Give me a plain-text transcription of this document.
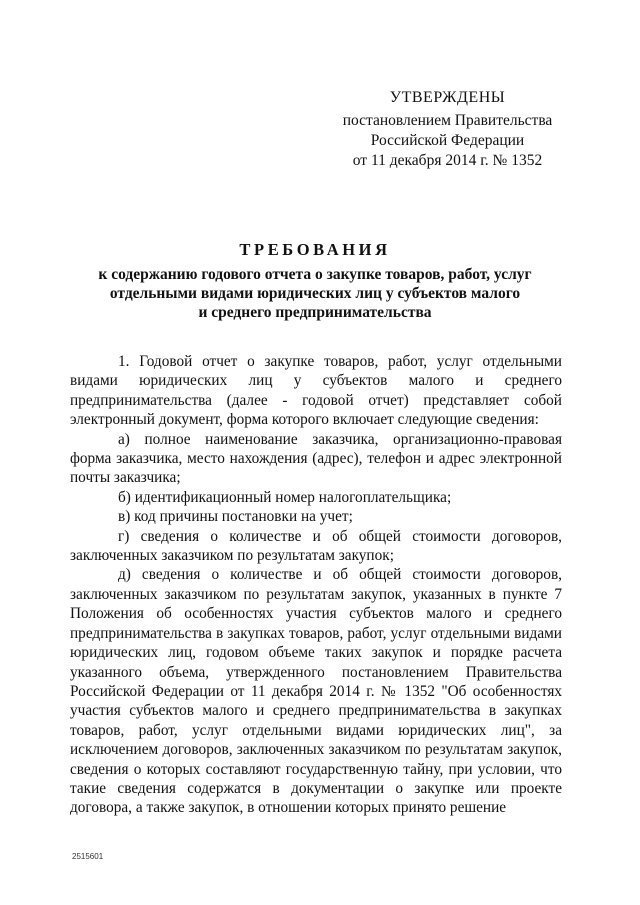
УТВЕРЖДЕНЫ
постановлением Правительства
Российской Федерации
от 11 декабря 2014 г. № 1352
ТРЕБОВАНИЯ
к содержанию годового отчета о закупке товаров, работ, услуг
отдельными видами юридических лиц у субъектов малого
и среднего предпринимательства

1. Годовой отчет о закупке товаров, работ, услуг отдельными видами юридических лиц у субъектов малого и среднего предпринимательства (далее - годовой отчет) представляет собой электронный документ, форма которого включает следующие сведения:

а) полное наименование заказчика, организационно-правовая форма заказчика, место нахождения (адрес), телефон и адрес электронной почты заказчика;

б) идентификационный номер налогоплательщика;

в) код причины постановки на учет;

г) сведения о количестве и об общей стоимости договоров, заключенных заказчиком по результатам закупок;

д) сведения о количестве и об общей стоимости договоров, заключенных заказчиком по результатам закупок, указанных в пункте 7 Положения об особенностях участия субъектов малого и среднего предпринимательства в закупках товаров, работ, услуг отдельными видами юридических лиц, годовом объеме таких закупок и порядке расчета указанного объема, утвержденного постановлением Правительства Российской Федерации от 11 декабря 2014 г. № 1352 "Об особенностях участия субъектов малого и среднего предпринимательства в закупках товаров, работ, услуг отдельными видами юридических лиц", за исключением договоров, заключенных заказчиком по результатам закупок, сведения о которых составляют государственную тайну, при условии, что такие сведения содержатся в документации о закупке или проекте договора, а также закупок, в отношении которых принято решение

2515601
